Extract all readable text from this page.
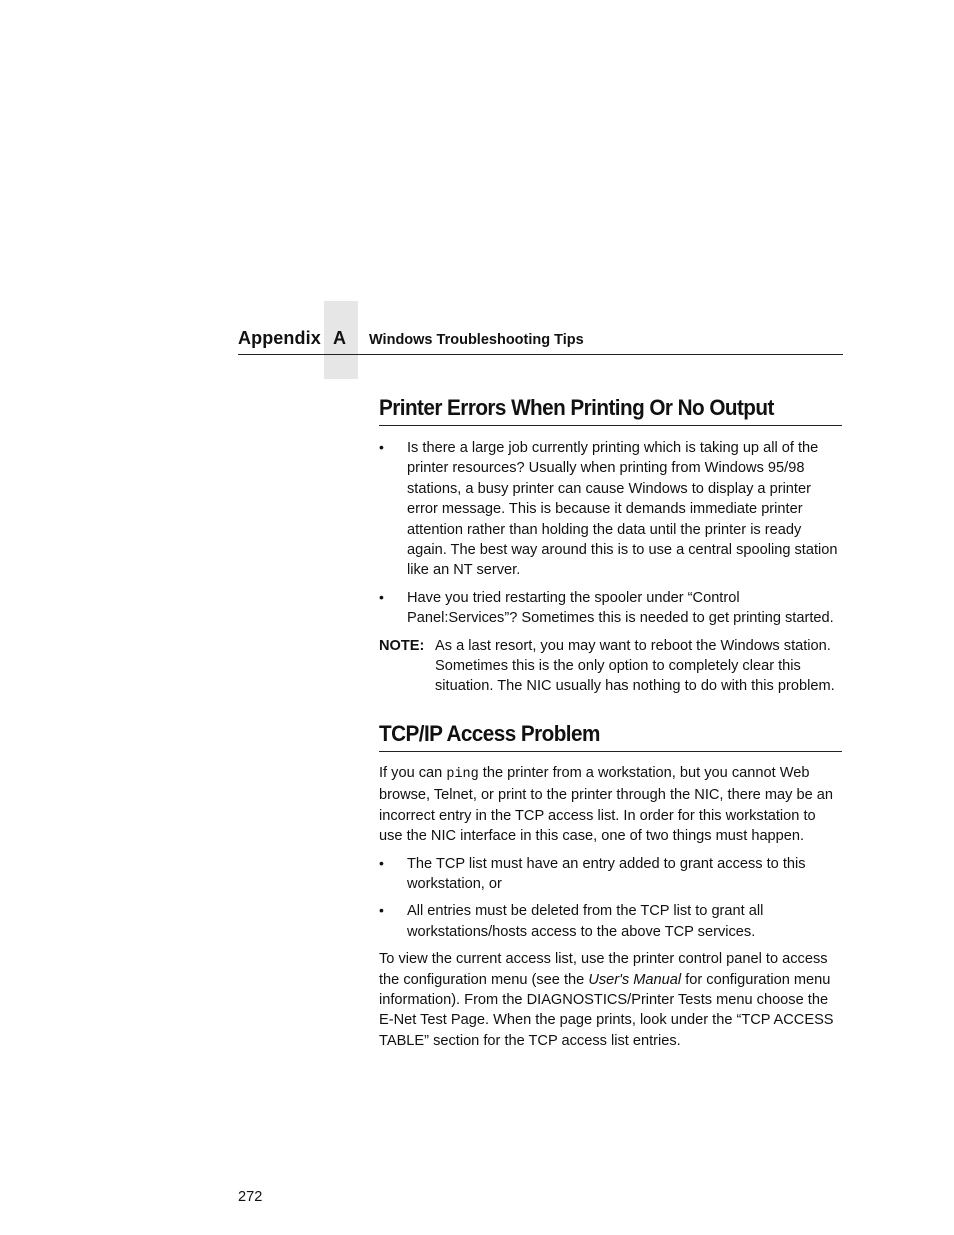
Appendix A Windows Troubleshooting Tips
Printer Errors When Printing Or No Output
• Is there a large job currently printing which is taking up all of the printer resources? Usually when printing from Windows 95/98 stations, a busy printer can cause Windows to display a printer error message. This is because it demands immediate printer attention rather than holding the data until the printer is ready again. The best way around this is to use a central spooling station like an NT server.
• Have you tried restarting the spooler under “Control Panel:Services”? Sometimes this is needed to get printing started.
NOTE: As a last resort, you may want to reboot the Windows station. Sometimes this is the only option to completely clear this situation. The NIC usually has nothing to do with this problem.
TCP/IP Access Problem

If you can ping the printer from a workstation, but you cannot Web browse, Telnet, or print to the printer through the NIC, there may be an incorrect entry in the TCP access list. In order for this workstation to use the NIC interface in this case, one of two things must happen.

• The TCP list must have an entry added to grant access to this workstation, or
• All entries must be deleted from the TCP list to grant all workstations/hosts access to the above TCP services.

To view the current access list, use the printer control panel to access the configuration menu (see the User's Manual for configuration menu information). From the DIAGNOSTICS/Printer Tests menu choose the E-Net Test Page. When the page prints, look under the “TCP ACCESS TABLE” section for the TCP access list entries.

272
